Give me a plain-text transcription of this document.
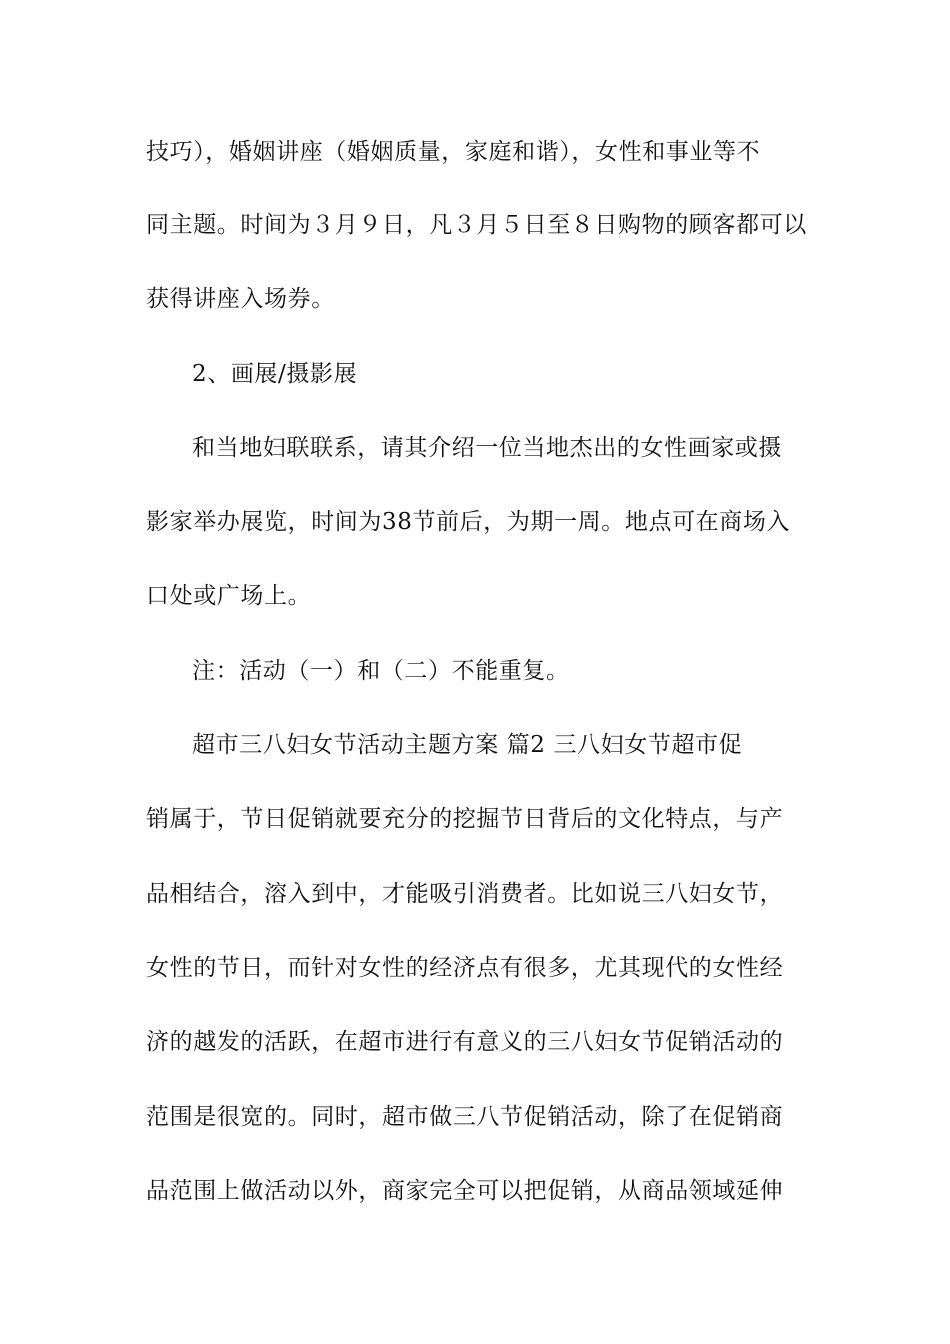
技巧），婚姻讲座（婚姻质量，家庭和谐），女性和事业等不
同主题。时间为３月９日，凡３月５日至８日购物的顾客都可以
获得讲座入场券。
2、画展/摄影展
和当地妇联联系，请其介绍一位当地杰出的女性画家或摄
影家举办展览，时间为38节前后，为期一周。地点可在商场入
口处或广场上。
注：活动（一）和（二）不能重复。
超市三八妇女节活动主题方案 篇2 三八妇女节超市促
销属于，节日促销就要充分的挖掘节日背后的文化特点，与产
品相结合，溶入到中，才能吸引消费者。比如说三八妇女节，
女性的节日，而针对女性的经济点有很多，尤其现代的女性经
济的越发的活跃，在超市进行有意义的三八妇女节促销活动的
范围是很宽的。同时，超市做三八节促销活动，除了在促销商
品范围上做活动以外，商家完全可以把促销，从商品领域延伸
